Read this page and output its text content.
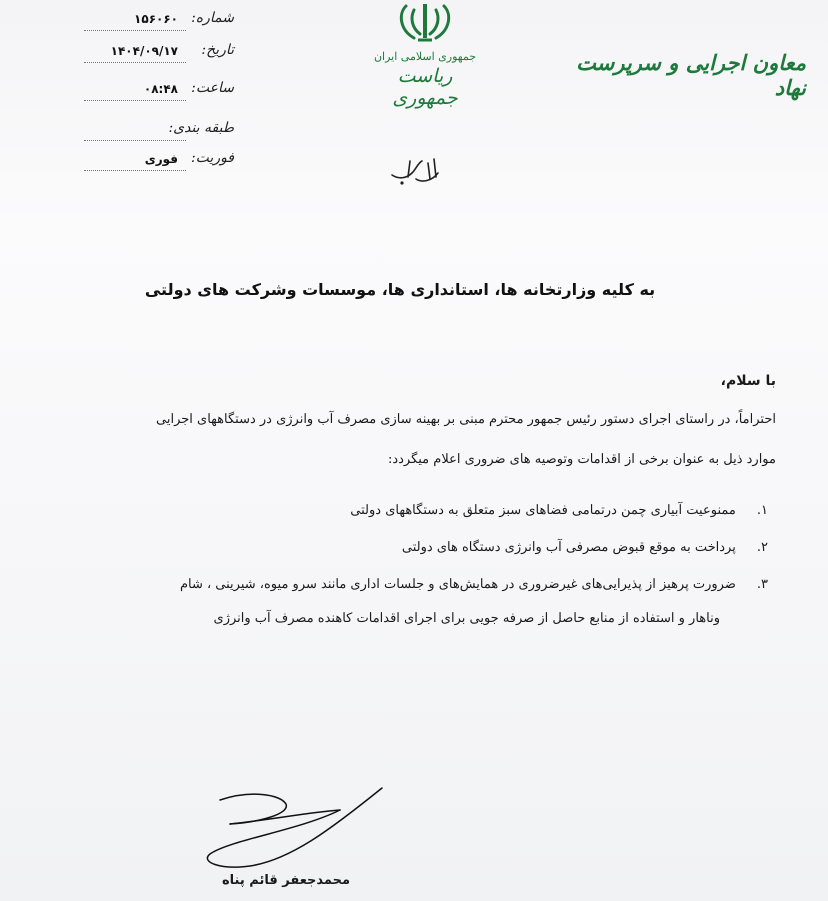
شماره:
۱۵۶۰۶۰
تاریخ:
۱۴۰۴/۰۹/۱۷
ساعت:
۰۸:۴۸
طبقه بندی:
فوریت:
فوری
جمهوری اسلامی ایران
ریاست جمهوری
معاون اجرایی و سرپرست نهاد
به کلیه وزارتخانه ها، استانداری ها، موسسات وشرکت های دولتی
با سلام،
احتراماً، در راستای اجرای دستور رئیس جمهور محترم مبنی بر بهینه سازی مصرف آب وانرژی در دستگاههای اجرایی
موارد ذیل به عنوان برخی از اقدامات وتوصیه های ضروری اعلام میگردد:
۱. ممنوعیت آبیاری چمن درتمامی فضاهای سبز متعلق به دستگاههای دولتی
۲. پرداخت به موقع قبوض مصرفی آب وانرژی دستگاه های دولتی
۳. ضرورت پرهیز از پذیرایی‌های غیرضروری در همایش‌های و جلسات اداری مانند سرو میوه، شیرینی ، شام
وناهار و استفاده از منابع حاصل از صرفه جویی برای اجرای اقدامات کاهنده مصرف آب وانرژی
محمدجعفر قائم پناه
